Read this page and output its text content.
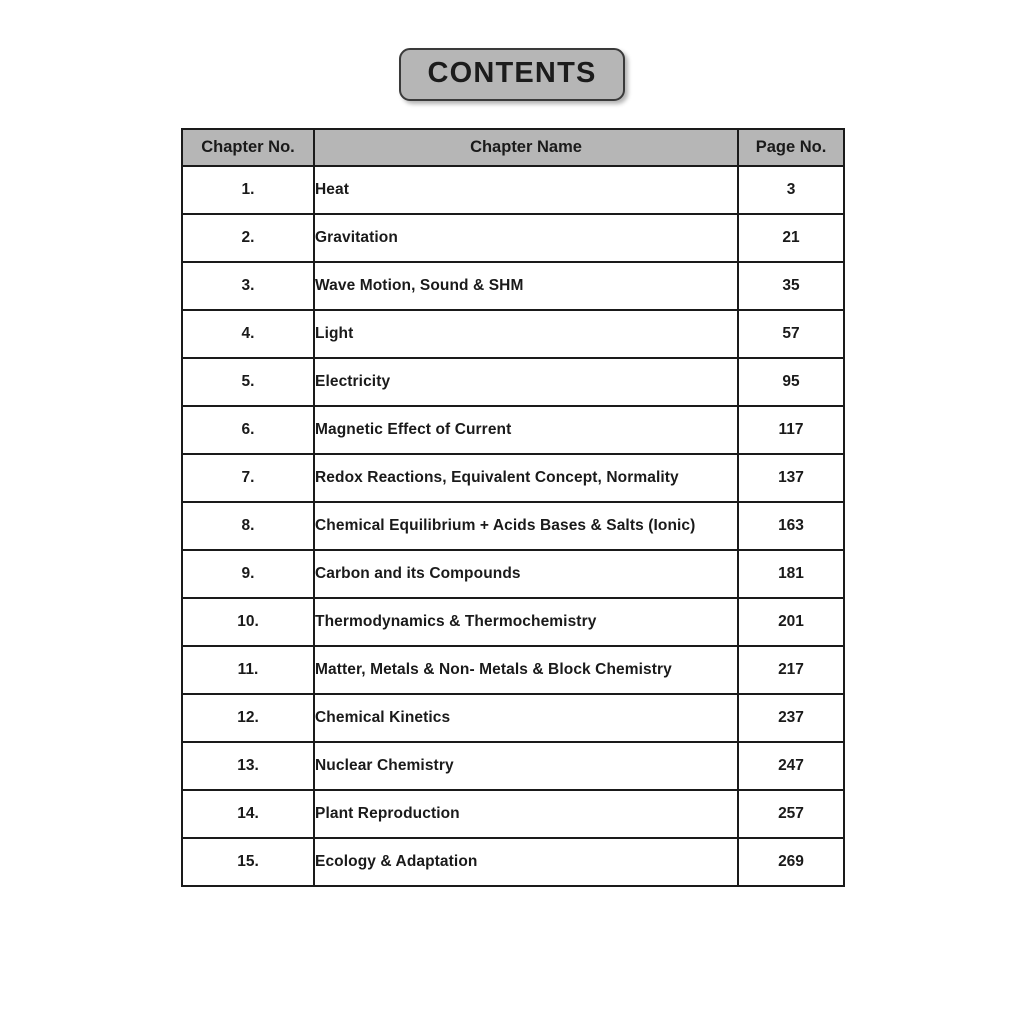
CONTENTS
Chapter No.	Chapter Name	Page No.
1.	Heat	3
2.	Gravitation	21
3.	Wave Motion, Sound & SHM	35
4.	Light	57
5.	Electricity	95
6.	Magnetic Effect of Current	117
7.	Redox Reactions, Equivalent Concept, Normality	137
8.	Chemical Equilibrium + Acids Bases & Salts (Ionic)	163
9.	Carbon and its Compounds	181
10.	Thermodynamics & Thermochemistry	201
11.	Matter, Metals & Non- Metals & Block Chemistry	217
12.	Chemical Kinetics	237
13.	Nuclear Chemistry	247
14.	Plant Reproduction	257
15.	Ecology & Adaptation	269
